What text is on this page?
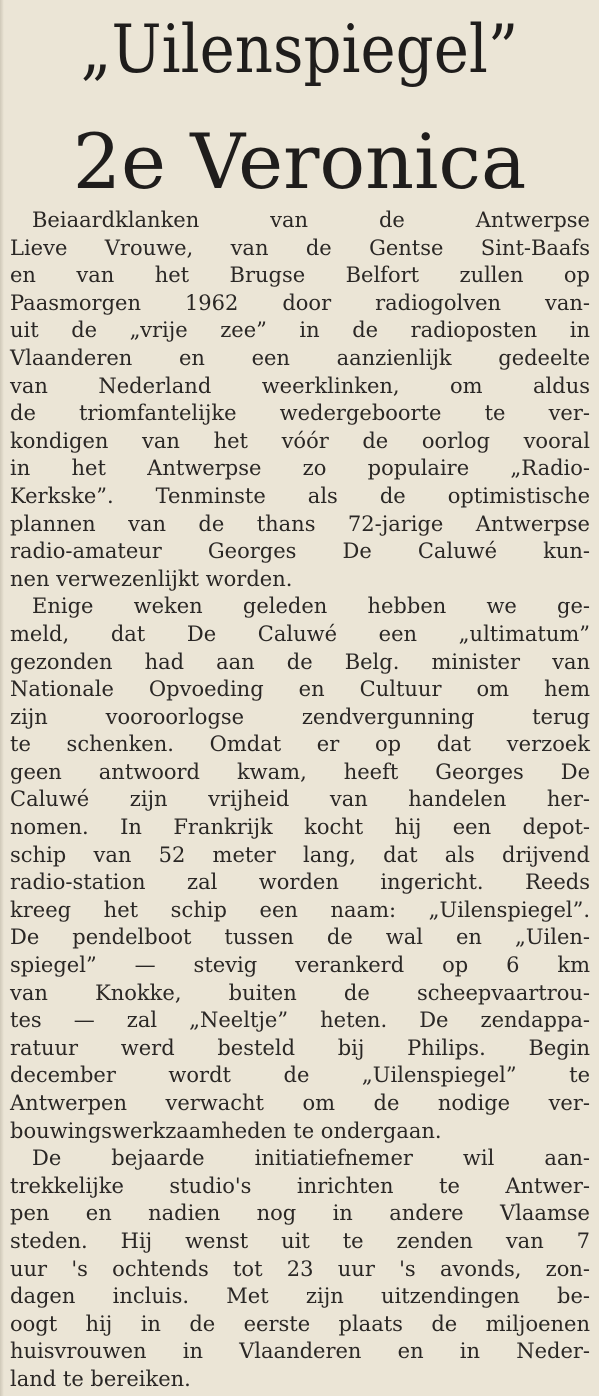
„Uilenspiegel”
2e Veronica
Beiaardklanken van de Antwerpse
Lieve Vrouwe, van de Gentse Sint-Baafs
en van het Brugse Belfort zullen op
Paasmorgen 1962 door radiogolven van-
uit de „vrije zee” in de radioposten in
Vlaanderen en een aanzienlijk gedeelte
van Nederland weerklinken, om aldus
de triomfantelijke wedergeboorte te ver-
kondigen van het vóór de oorlog vooral
in het Antwerpse zo populaire „Radio-
Kerkske”. Tenminste als de optimistische
plannen van de thans 72-jarige Antwerpse
radio-amateur Georges De Caluwé kun-
nen verwezenlijkt worden.
Enige weken geleden hebben we ge-
meld, dat De Caluwé een „ultimatum”
gezonden had aan de Belg. minister van
Nationale Opvoeding en Cultuur om hem
zijn vooroorlogse zendvergunning terug
te schenken. Omdat er op dat verzoek
geen antwoord kwam, heeft Georges De
Caluwé zijn vrijheid van handelen her-
nomen. In Frankrijk kocht hij een depot-
schip van 52 meter lang, dat als drijvend
radio-station zal worden ingericht. Reeds
kreeg het schip een naam: „Uilenspiegel”.
De pendelboot tussen de wal en „Uilen-
spiegel” — stevig verankerd op 6 km
van Knokke, buiten de scheepvaartrou-
tes — zal „Neeltje” heten. De zendappa-
ratuur werd besteld bij Philips. Begin
december wordt de „Uilenspiegel” te
Antwerpen verwacht om de nodige ver-
bouwingswerkzaamheden te ondergaan.
De bejaarde initiatiefnemer wil aan-
trekkelijke studio's inrichten te Antwer-
pen en nadien nog in andere Vlaamse
steden. Hij wenst uit te zenden van 7
uur 's ochtends tot 23 uur 's avonds, zon-
dagen incluis. Met zijn uitzendingen be-
oogt hij in de eerste plaats de miljoenen
huisvrouwen in Vlaanderen en in Neder-
land te bereiken.
